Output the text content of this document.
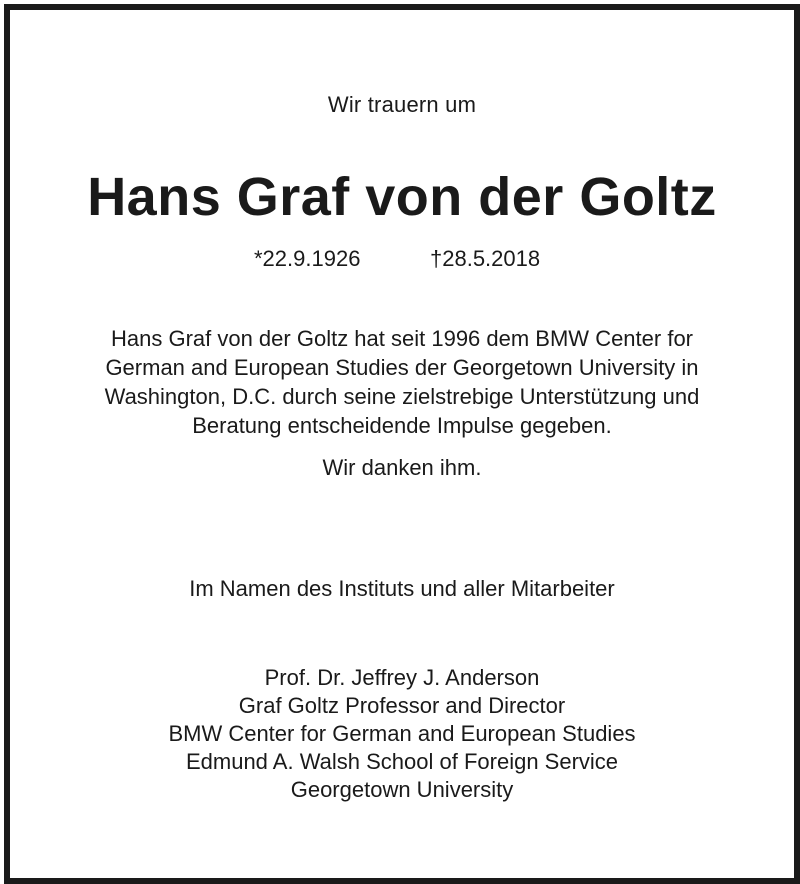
Wir trauern um
Hans Graf von der Goltz
*22.9.1926	†28.5.2018
Hans Graf von der Goltz hat seit 1996 dem BMW Center for
German and European Studies der Georgetown University in
Washington, D.C. durch seine zielstrebige Unterstützung und
Beratung entscheidende Impulse gegeben.
Wir danken ihm.
Im Namen des Instituts und aller Mitarbeiter
Prof. Dr. Jeffrey J. Anderson
Graf Goltz Professor and Director
BMW Center for German and European Studies
Edmund A. Walsh School of Foreign Service
Georgetown University
